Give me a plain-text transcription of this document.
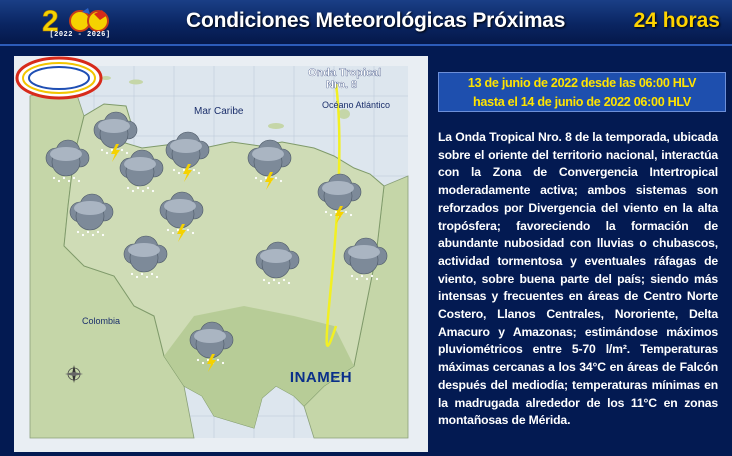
2
[2022 - 2026]
Condiciones Meteorológicas Próximas	24 horas
Onda Tropical
Nro. 8
Mar Caribe
Océano Atlántico
Colombia
INAMEH
13 de junio de 2022 desde las 06:00 HLV
hasta el 14 de junio de 2022 06:00 HLV
La Onda Tropical Nro. 8 de la temporada, ubicada sobre el oriente del territorio nacional, interactúa con la Zona de Convergencia Intertropical moderadamente activa; ambos sistemas son reforzados por Divergencia del viento en la alta tropósfera; favoreciendo la formación de abundante nubosidad con lluvias o chubascos, actividad tormentosa y eventuales ráfagas de viento, sobre buena parte del país; siendo más intensas y frecuentes en áreas de Centro Norte Costero, Llanos Centrales, Nororiente, Delta Amacuro y Amazonas; estimándose máximos pluviométricos entre 5-70 l/m². Temperaturas máximas cercanas a los 34°C en áreas de Falcón después del mediodía; temperaturas mínimas en la madrugada alrededor de los 11°C en zonas montañosas de Mérida.
